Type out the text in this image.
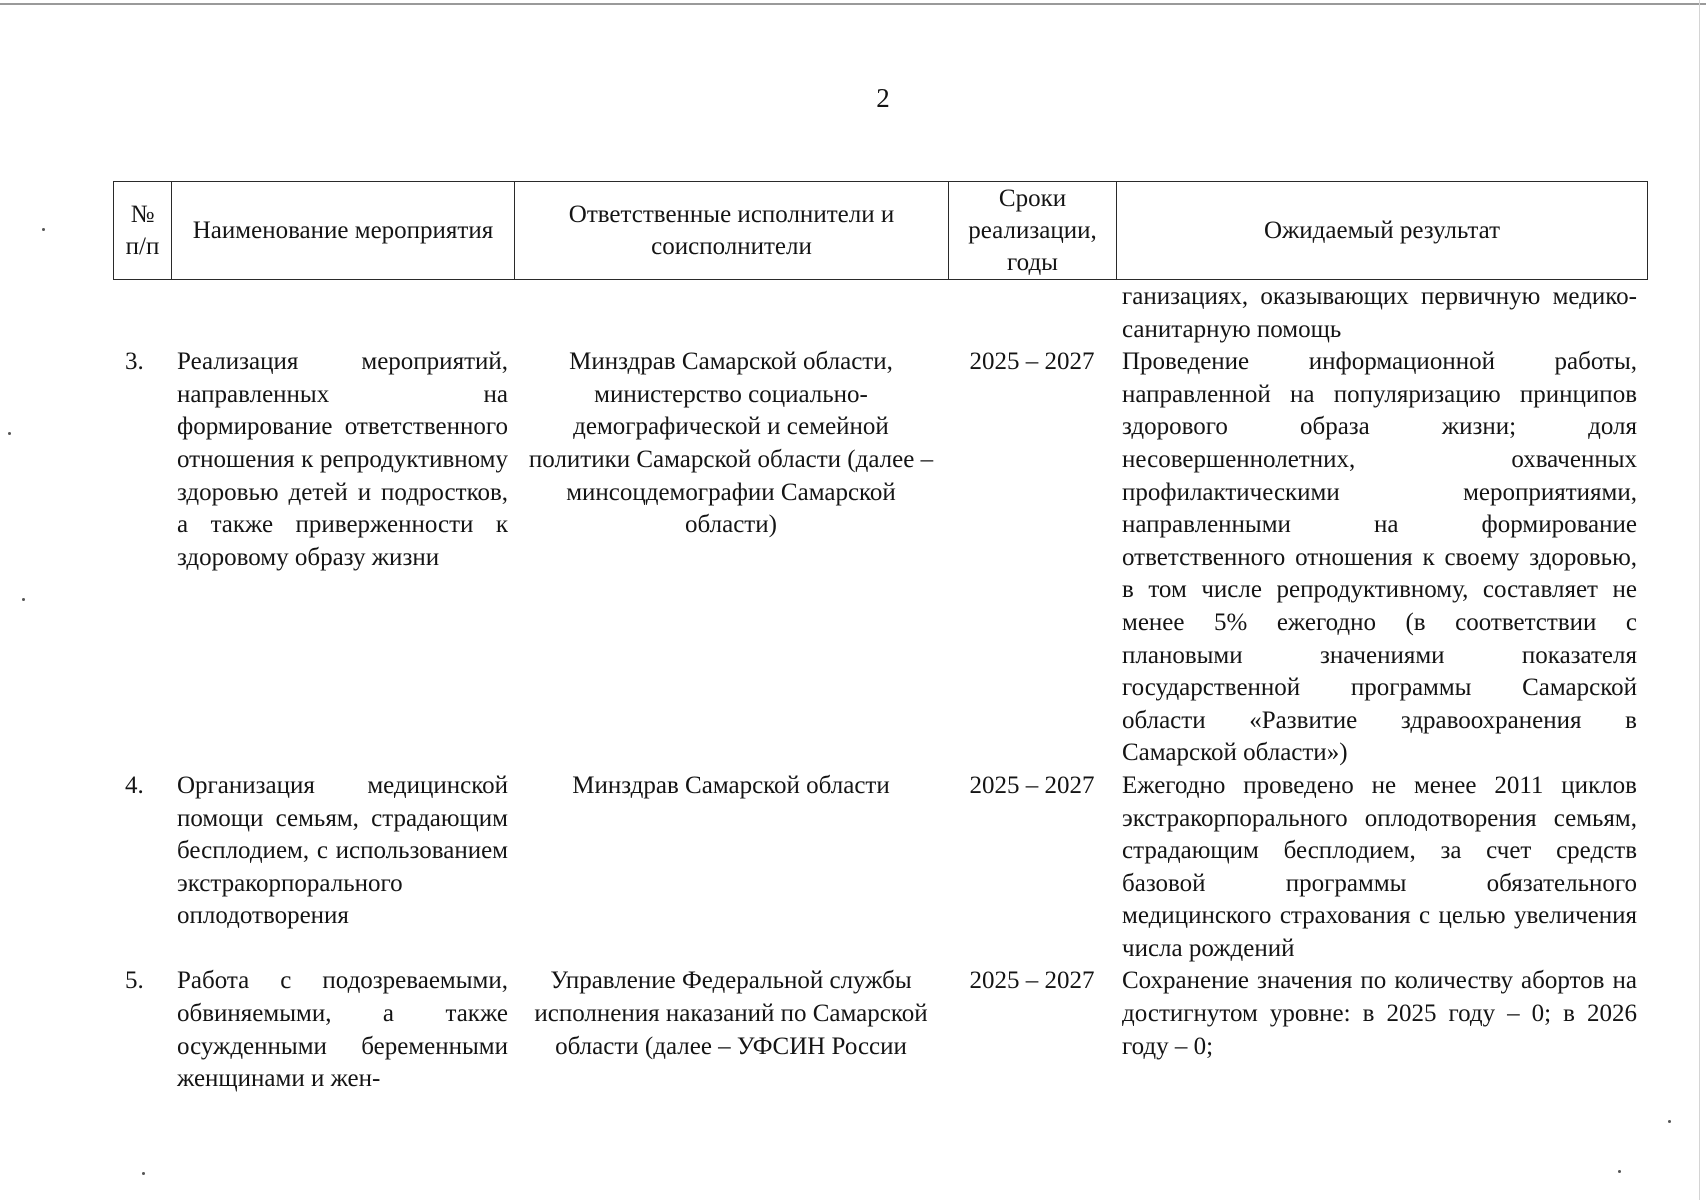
2
№ п/п	Наименование мероприятия	Ответственные исполнители и соисполнители	Сроки реализации, годы	Ожидаемый результат
				ганизациях, оказывающих первичную медико-санитарную помощь
3.	Реализация мероприятий, направленных на формирование ответственного отношения к репродуктивному здоровью детей и подростков, а также приверженности к здоровому образу жизни	Минздрав Самарской области, министерство социально-демографической и семейной политики Самарской области (далее – минсоцдемографии Самарской области)	2025 – 2027	Проведение информационной работы, направленной на популяризацию принципов здорового образа жизни; доля несовершеннолетних, охваченных профилактическими мероприятиями, направленными на формирование ответственного отношения к своему здоровью, в том числе репродуктивному, составляет не менее 5% ежегодно (в соответствии с плановыми значениями показателя государственной программы Самарской области «Развитие здравоохранения в Самарской области»)
4.	Организация медицинской помощи семьям, страдающим бесплодием, с использованием экстракорпорального оплодотворения	Минздрав Самарской области	2025 – 2027	Ежегодно проведено не менее 2011 циклов экстракорпорального оплодотворения семьям, страдающим бесплодием, за счет средств базовой программы обязательного медицинского страхования с целью увеличения числа рождений
5.	Работа с подозреваемыми, обвиняемыми, а также осужденными беременными женщинами и жен-	Управление Федеральной службы исполнения наказаний по Самарской области (далее – УФСИН России	2025 – 2027	Сохранение значения по количеству абортов на достигнутом уровне: в 2025 году – 0; в 2026 году – 0;
